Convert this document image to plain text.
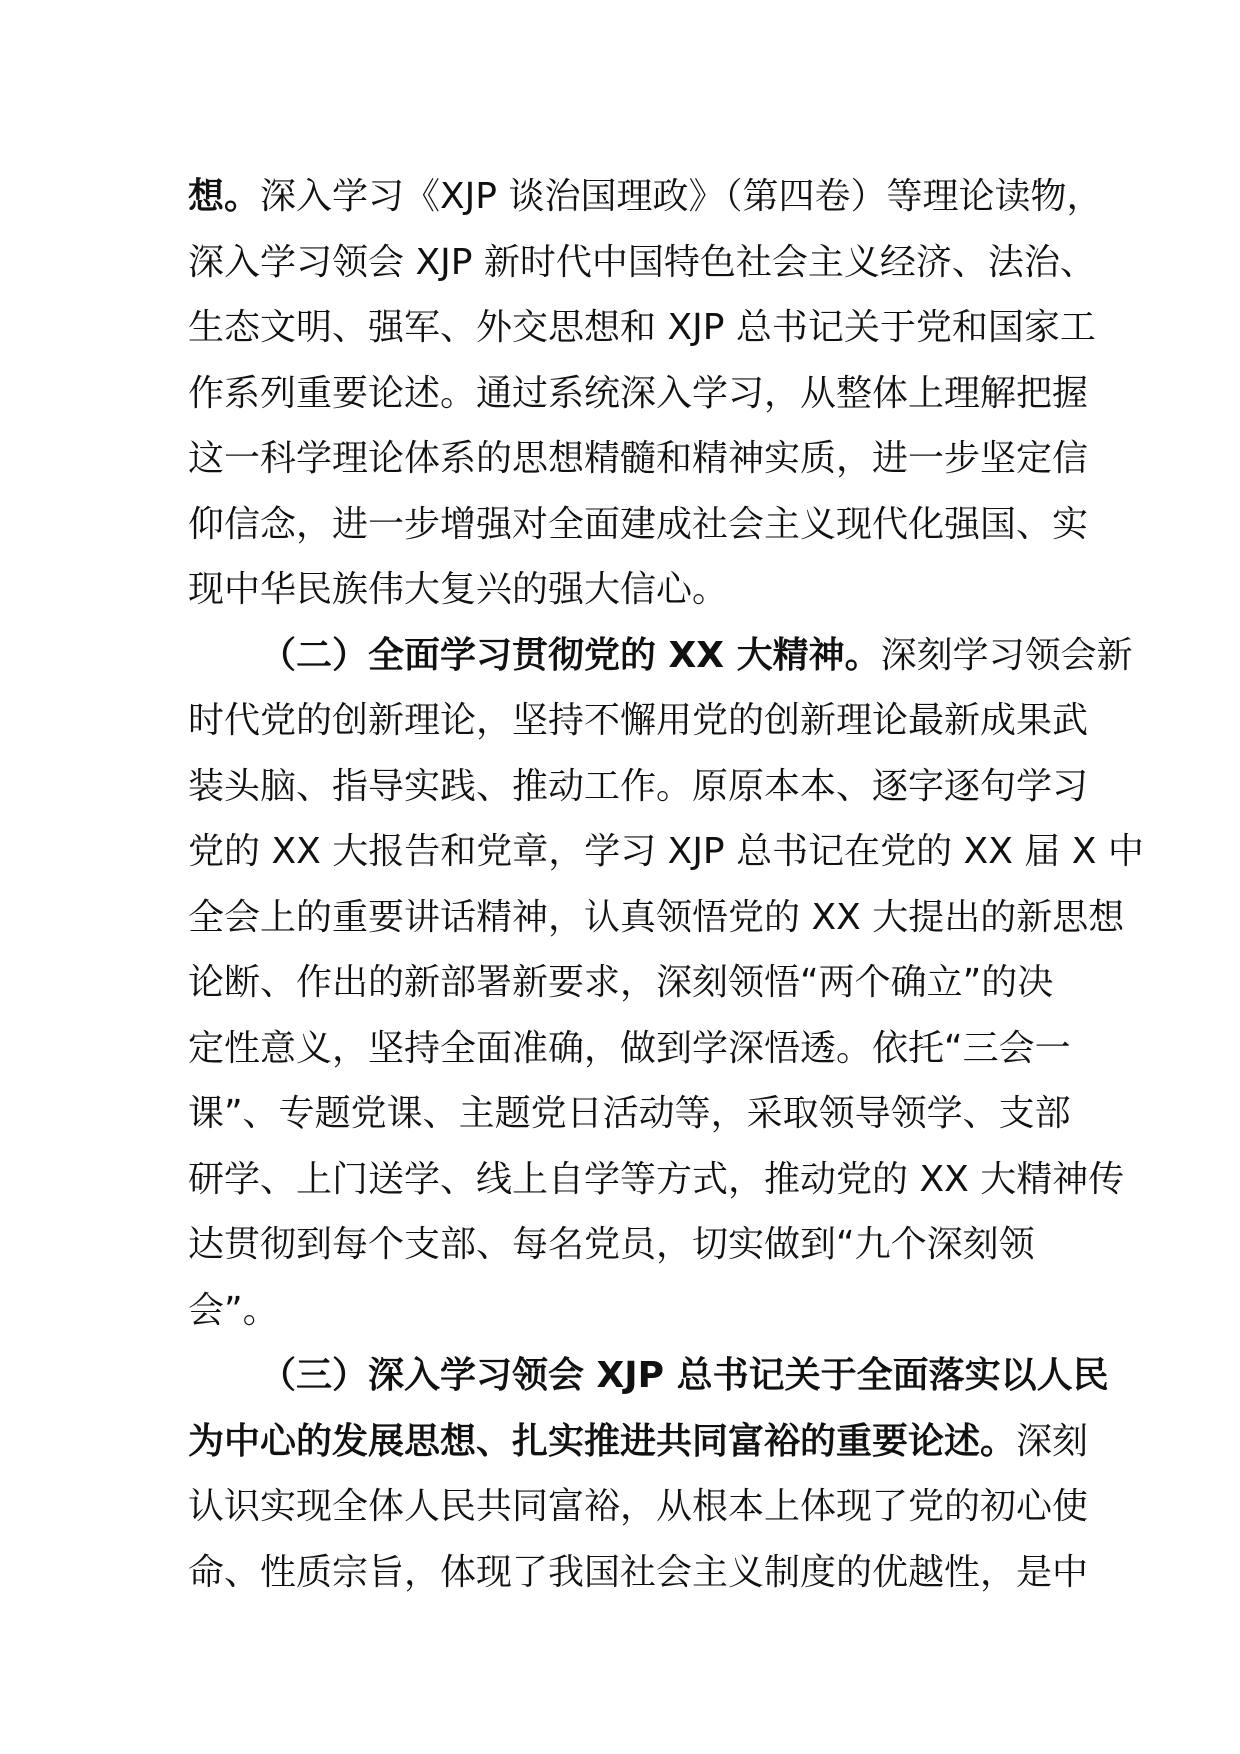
想。深入学习《XJP 谈治国理政》（第四卷）等理论读物，
深入学习领会 XJP 新时代中国特色社会主义经济、法治、
生态文明、强军、外交思想和 XJP 总书记关于党和国家工
作系列重要论述。通过系统深入学习，从整体上理解把握
这一科学理论体系的思想精髓和精神实质，进一步坚定信
仰信念，进一步增强对全面建成社会主义现代化强国、实
现中华民族伟大复兴的强大信心。
（二）全面学习贯彻党的 XX 大精神。深刻学习领会新
时代党的创新理论，坚持不懈用党的创新理论最新成果武
装头脑、指导实践、推动工作。原原本本、逐字逐句学习
党的 XX 大报告和党章，学习 XJP 总书记在党的 XX 届 X 中
全会上的重要讲话精神，认真领悟党的 XX 大提出的新思想
论断、作出的新部署新要求，深刻领悟“两个确立”的决
定性意义，坚持全面准确，做到学深悟透。依托“三会一
课”、专题党课、主题党日活动等，采取领导领学、支部
研学、上门送学、线上自学等方式，推动党的 XX 大精神传
达贯彻到每个支部、每名党员，切实做到“九个深刻领
会”。
（三）深入学习领会 XJP 总书记关于全面落实以人民
为中心的发展思想、扎实推进共同富裕的重要论述。深刻
认识实现全体人民共同富裕，从根本上体现了党的初心使
命、性质宗旨，体现了我国社会主义制度的优越性，是中
